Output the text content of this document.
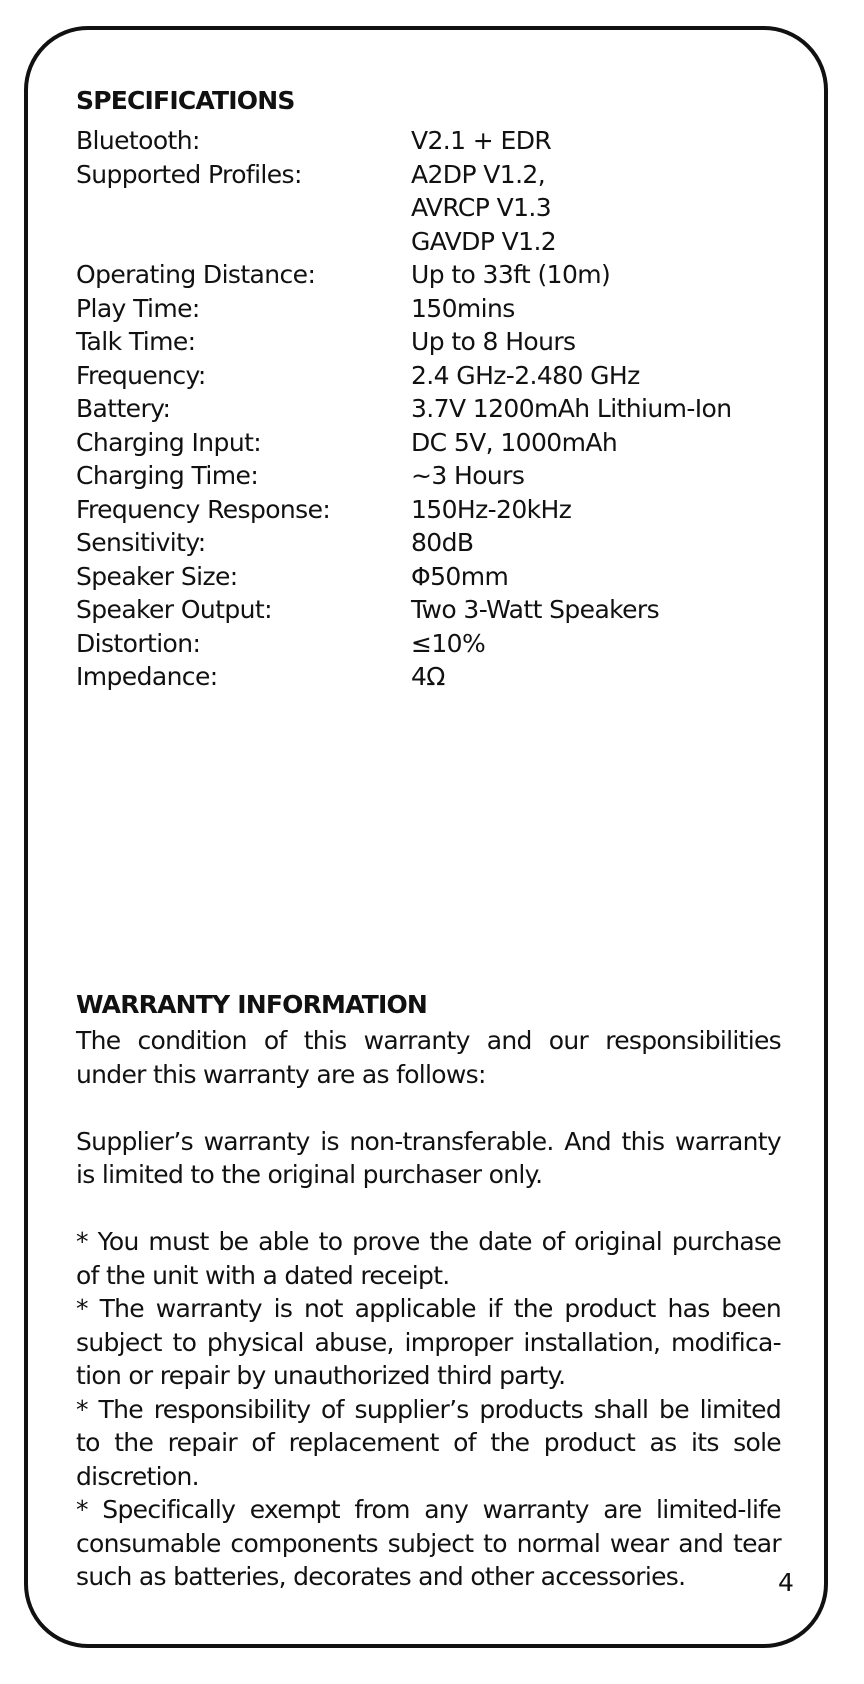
SPECIFICATIONS
Bluetooth:	V2.1 + EDR
Supported Profiles:	A2DP V1.2,
AVRCP V1.3
GAVDP V1.2
Operating Distance:	Up to 33ft (10m)
Play Time:	150mins
Talk Time:	Up to 8 Hours
Frequency:	2.4 GHz-2.480 GHz
Battery:	3.7V 1200mAh Lithium-Ion
Charging Input:	DC 5V, 1000mAh
Charging Time:	~3 Hours
Frequency Response:	150Hz-20kHz
Sensitivity:	80dB
Speaker Size:	Φ50mm
Speaker Output:	Two 3-Watt Speakers
Distortion:	≤10%
Impedance:	4Ω
WARRANTY INFORMATION

The condition of this warranty and our responsibilities under this warranty are as follows:

Supplier’s warranty is non-transferable. And this warranty is limited to the original purchaser only.

* You must be able to prove the date of original purchase of the unit with a dated receipt.

* The warranty is not applicable if the product has been subject to physical abuse, improper installation, modifica-tion or repair by unauthorized third party.

* The responsibility of supplier’s products shall be limited to the repair of replacement of the product as its sole discretion.

* Specifically exempt from any warranty are limited-life consumable components subject to normal wear and tear such as batteries, decorates and other accessories.	4
